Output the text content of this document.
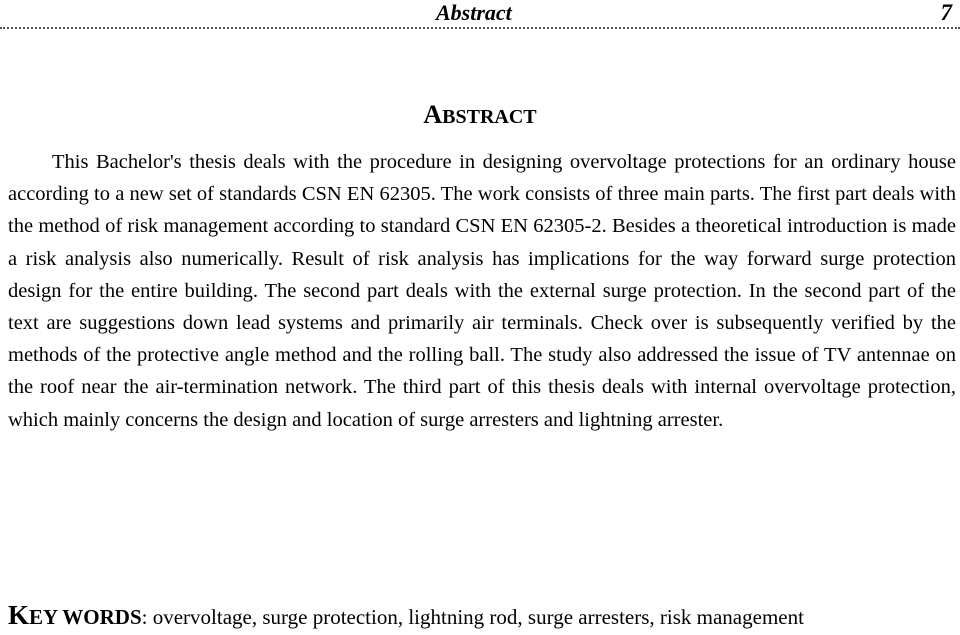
Abstract	7
ABSTRACT

This Bachelor's thesis deals with the procedure in designing overvoltage protections for an ordinary house according to a new set of standards CSN EN 62305. The work consists of three main parts. The first part deals with the method of risk management according to standard CSN EN 62305-2. Besides a theoretical introduction is made a risk analysis also numerically. Result of risk analysis has implications for the way forward surge protection design for the entire building. The second part deals with the external surge protection. In the second part of the text are suggestions down lead systems and primarily air terminals. Check over is subsequently verified by the methods of the protective angle method and the rolling ball. The study also addressed the issue of TV antennae on the roof near the air-termination network. The third part of this thesis deals with internal overvoltage protection, which mainly concerns the design and location of surge arresters and lightning arrester.

KEY WORDS: overvoltage, surge protection, lightning rod, surge arresters, risk management
